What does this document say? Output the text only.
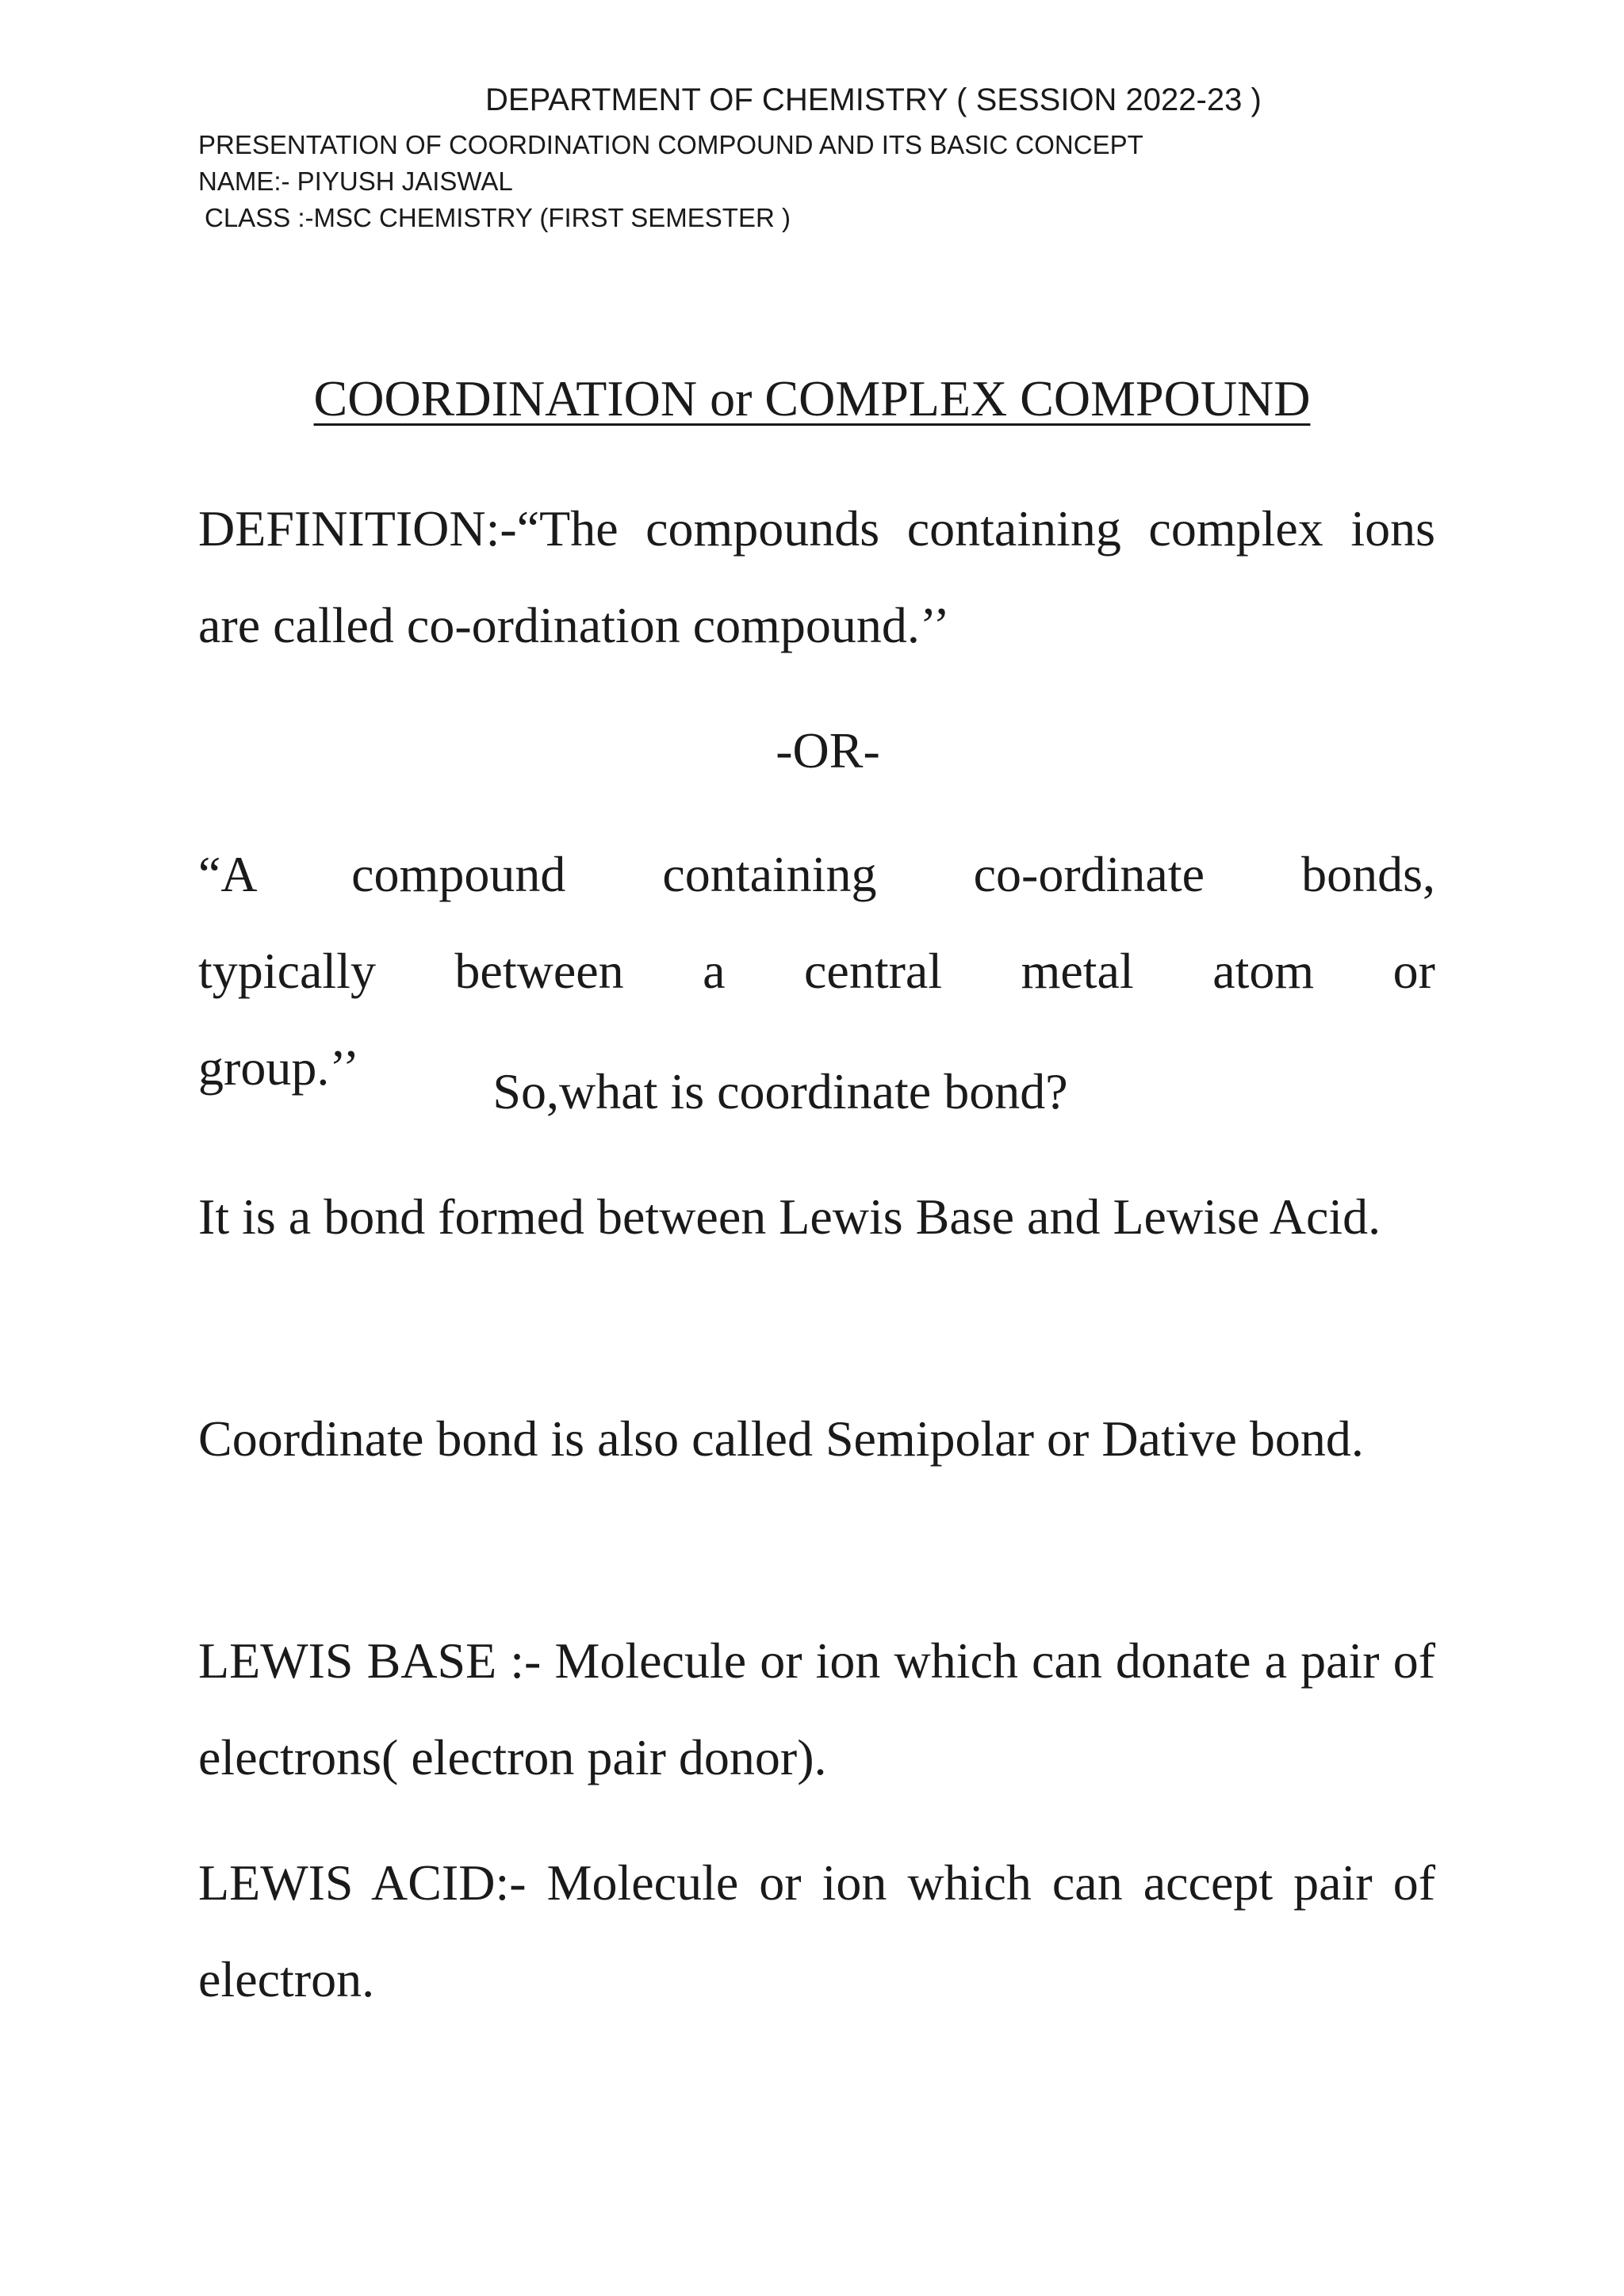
DEPARTMENT OF CHEMISTRY ( SESSION 2022-23 )
PRESENTATION OF COORDINATION COMPOUND AND ITS BASIC CONCEPT
NAME:- PIYUSH JAISWAL
CLASS :-MSC CHEMISTRY (FIRST SEMESTER )
COORDINATION or COMPLEX COMPOUND

DEFINITION:-“The compounds containing complex ions are called co-ordination compound.’’

-OR-

“A compound containing co-ordinate bonds, typically between a central metal atom or group.’’	So,what is coordinate bond?

It is a bond formed between Lewis Base and Lewise Acid.

Coordinate bond is also called Semipolar or Dative bond.

LEWIS BASE :- Molecule or ion which can donate a pair of electrons( electron pair donor).

LEWIS ACID:- Molecule or ion which can accept pair of electron.
